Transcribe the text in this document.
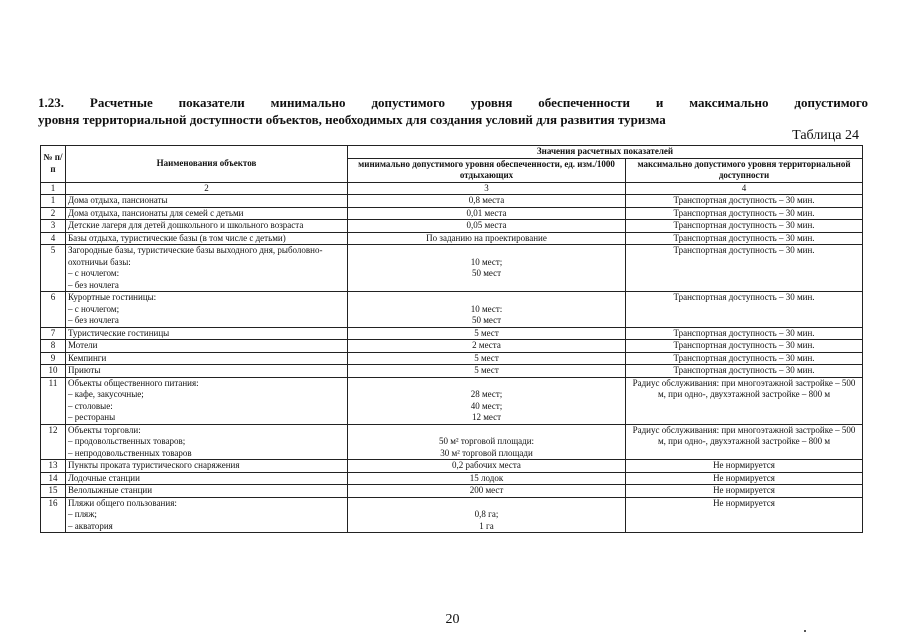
1.23. Расчетные показатели минимально допустимого уровня обеспеченности и максимально допустимого
уровня территориальной доступности объектов, необходимых для создания условий для развития туризма
Таблица 24
№ п/п	Наименования объектов	Значения расчетных показателей	
		минимально допустимого уровня обеспеченности, ед. изм./1000 отдыхающих	максимально допустимого уровня территориальной доступности
1	2	3	4
1	Дома отдыха, пансионаты	0,8 места	Транспортная доступность – 30 мин.
2	Дома отдыха, пансионаты для семей с детьми	0,01 места	Транспортная доступность – 30 мин.
3	Детские лагеря для детей дошкольного и школьного возраста	0,05 места	Транспортная доступность – 30 мин.
4	Базы отдыха, туристические базы (в том числе с детьми)	По заданию на проектирование	Транспортная доступность – 30 мин.
5	Загородные базы, туристические базы выходного дня, рыболовно-охотничьи базы:
– с ночлегом:
– без ночлега	10 мест;
50 мест	Транспортная доступность – 30 мин.
6	Курортные гостиницы:
– с ночлегом;
– без ночлега	10 мест:
50 мест	Транспортная доступность – 30 мин.
7	Туристические гостиницы	5 мест	Транспортная доступность – 30 мин.
8	Мотели	2 места	Транспортная доступность – 30 мин.
9	Кемпинги	5 мест	Транспортная доступность – 30 мин.
10	Приюты	5 мест	Транспортная доступность – 30 мин.
11	Объекты общественного питания:
– кафе, закусочные;
– столовые:
– рестораны	28 мест;
40 мест;
12 мест	Радиус обслуживания: при многоэтажной застройке – 500 м, при одно-, двухэтажной застройке – 800 м
12	Объекты торговли:
– продовольственных товаров;
– непродовольственных товаров	50 м² торговой площади:
30 м² торговой площади	Радиус обслуживания: при многоэтажной застройке – 500 м, при одно-, двухэтажной застройке – 800 м
13	Пункты проката туристического снаряжения	0,2 рабочих места	Не нормируется
14	Лодочные станции	15 лодок	Не нормируется
15	Велолыжные станции	200 мест	Не нормируется
16	Пляжи общего пользования:
– пляж;
– акватория	0,8 га;
1 га	Не нормируется
20
